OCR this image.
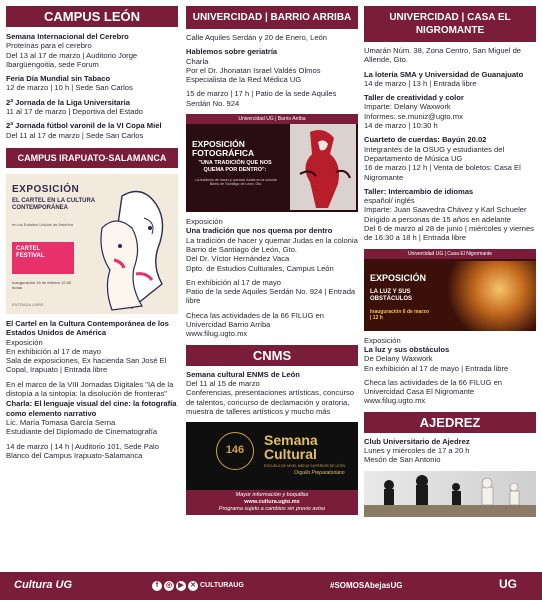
CAMPUS LEÓN
Semana Internacional del Cerebro
Proteínas para el cerebro
Del 13 al 17 de marzo | Auditorio Jorge Ibargüengoitia, sede Forum
Feria Día Mundial sin Tabaco
12 de marzo | 10 h | Sede San Carlos
2ª Jornada de la Liga Universitaria
11 al 17 de marzo | Deportiva del Estado
2ª Jornada fútbol varonil de la VI Copa Miel
Del 11 al 17 de marzo | Sede San Carlos
CAMPUS IRAPUATO-SALAMANCA
EXPOSICIÓN
EL CARTEL EN LA CULTURA CONTEMPORÁNEA
en los Estados Unidos de América
CARTEL FESTIVAL
Inauguración 15 de febrero 12:00 horas
ENTRADA LIBRE
El Cartel en la Cultura Contemporánea de los Estados Unidos de América
Exposición
En exhibición al 17 de mayo
Sala de exposiciones, Ex hacienda San José El Copal, Irapuato | Entrada libre
En el marco de la VIII Jornadas Digitales "IA de la distopía a la sintopía: la disolución de fronteras"
Charla: El lenguaje visual del cine: la fotografía como elemento narrativo
Lic. María Tomasa García Serna
Estudiante del Diplomado de Cinematografía
14 de marzo | 14 h | Auditorio 101, Sede Palo Blanco del Campus Irapuato-Salamanca
UNIVERCIDAD | BARRIO ARRIBA
Calle Aquiles Serdán y 20 de Enero, León
Hablemos sobre geriatría
Charla
Por el Dr. Jhonatan Israel Valdés Olmos
Especialista de la Red Médica UG
15 de marzo | 17 h | Patio de la sede Aquiles Serdán No. 924
Univercidad UG | Barrio Arriba
EXPOSICIÓN FOTOGRÁFICA
"UNA TRADICIÓN QUE NOS QUEMA POR DENTRO":
La tradición de hacer y quemar Judas en la colonia Barrio de Santiago de León, Gto.
Exposición
Una tradición que nos quema por dentro
La tradición de hacer y quemar Judas en la colonia Barrio de Santiago de León, Gto.
Del Dr. Víctor Hernández Vaca
Dpto. de Estudios Culturales, Campus León
En exhibición al 17 de mayo
Patio de la sede Aquiles Serdán No. 924 | Entrada libre
Checa las actividades de la 66 FILUG en Univercidad Barrio Arriba
www.filug.ugto.mx
CNMS
Semana cultural ENMS de León
Del 11 al 15 de marzo
Conferencias, presentaciones artísticas, concurso de talentos, concurso de declamación y oratoria, muestra de talleres artísticos y mucho más
146
Semana
Cultural
ESCUELA DE NIVEL MEDIO SUPERIOR DE LEÓN
Orgullo Preparatoriano
Mayor información y boquillas
www.cultura.ugto.mx
Programa sujeto a cambios sin previo aviso
UNIVERCIDAD | CASA EL NIGROMANTE
Umarán Núm. 38, Zona Centro, San Miguel de Allende, Gto.
La lotería SMA y Universidad de Guanajuato
14 de marzo | 13 h | Entrada libre
Taller de creatividad y color
Imparte: Delany Waxwork
Informes: se.muniz@ugto.mx
14 de marzo | 10:30 h
Cuarteto de cuerdas: Bayún 20.02
Integrantes de la OSUG y estudiantes del Departamento de Música UG
16 de marzo | 12 h | Venta de boletos: Casa El Nigromante
Taller: Intercambio de idiomas
español/ inglés
Imparte: Juan Saavedra Chávez y Karl Schueler
Dirigido a personas de 15 años en adelante
Del 6 de marzo al 28 de junio | miércoles y viernes de 16:30 a 18 h | Entrada libre
Univercidad UG | Casa El Nigromante
EXPOSICIÓN
LA LUZ Y SUS OBSTÁCULOS
Inauguración 6 de marzo | 12 h
Exposición
La luz y sus obstáculos
De Delany Waxwork
En exhibición al 17 de mayo | Entrada libre
Checa las actividades de la 66 FILUG en Univercidad Casa El Nigromante
www.filug.ugto.mx
AJEDREZ
Club Universitario de Ajedrez
Lunes y miércoles de 17 a 20 h
Mesón de San Antonio
Cultura UG	f	◎ ▶ ✕ CULTURAUG	#SOMOSAbejasUG	UG
